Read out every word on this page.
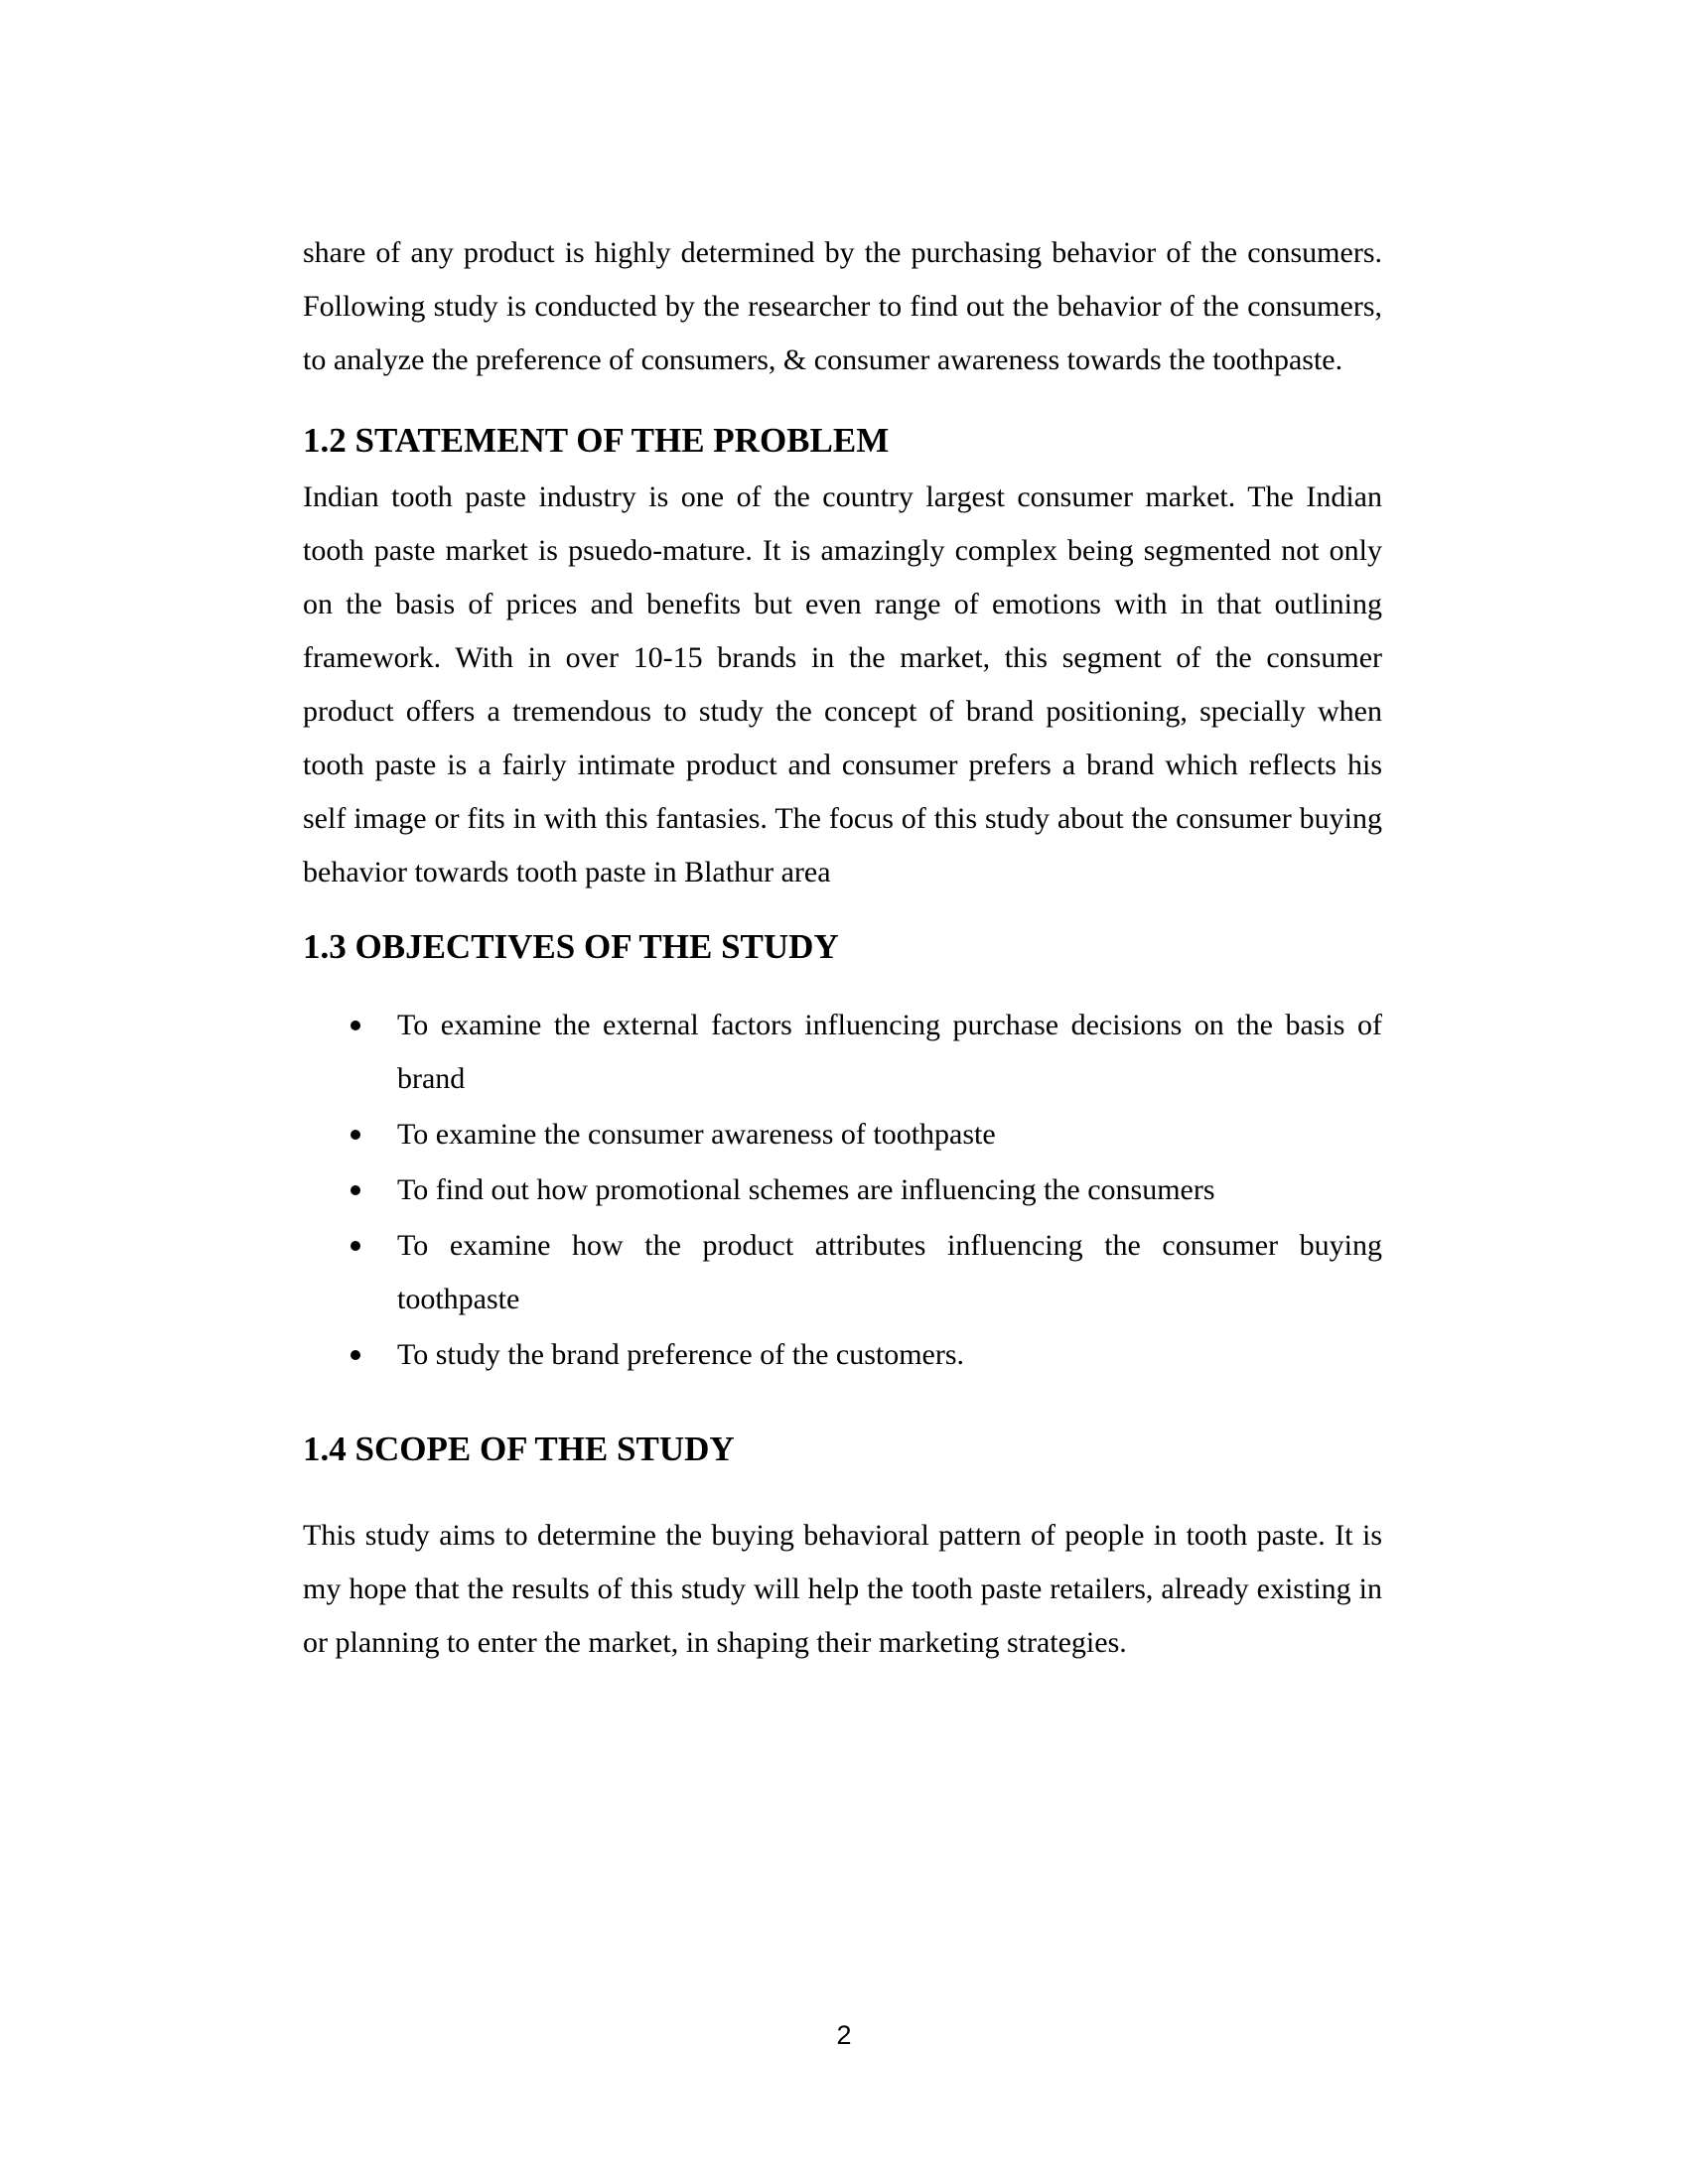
share of any product is highly determined by the purchasing behavior of the consumers. Following study is conducted by the researcher to find out the behavior of the consumers, to analyze the preference of consumers, & consumer awareness towards the toothpaste.

1.2 STATEMENT OF THE PROBLEM

Indian tooth paste industry is one of the country largest consumer market. The Indian tooth paste market is psuedo-mature. It is amazingly complex being segmented not only on the basis of prices and benefits but even range of emotions with in that outlining framework. With in over 10-15 brands in the market, this segment of the consumer product offers a tremendous to study the concept of brand positioning, specially when tooth paste is a fairly intimate product and consumer prefers a brand which reflects his self image or fits in with this fantasies. The focus of this study about the consumer buying behavior towards tooth paste in Blathur area

1.3 OBJECTIVES OF THE STUDY
To examine the external factors influencing purchase decisions on the basis of brand
To examine the consumer awareness of toothpaste
To find out how promotional schemes are influencing the consumers
To examine how the product attributes influencing the consumer buying toothpaste
To study the brand preference of the customers.
1.4 SCOPE OF THE STUDY

This study aims to determine the buying behavioral pattern of people in tooth paste. It is my hope that the results of this study will help the tooth paste retailers, already existing in or planning to enter the market, in shaping their marketing strategies.

2
